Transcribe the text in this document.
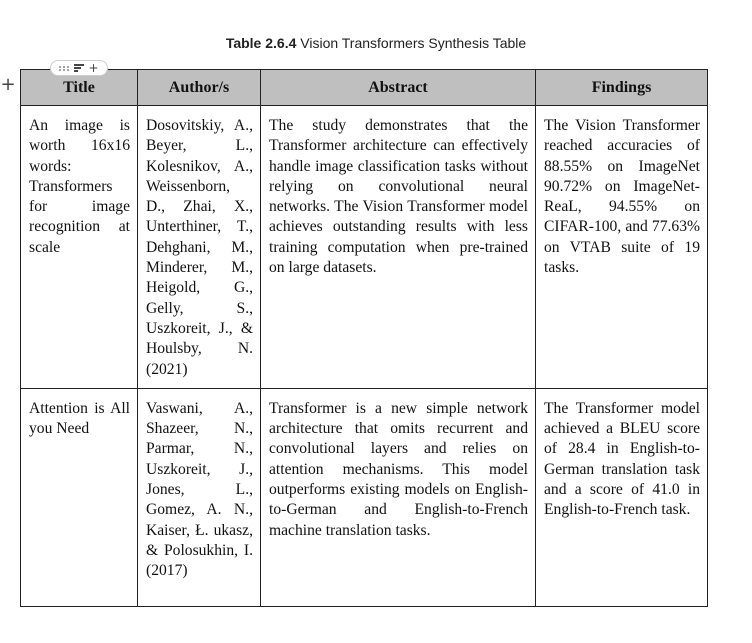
Table 2.6.4 Vision Transformers Synthesis Table
+
+
Title	Author/s	Abstract	Findings
An image is worth 16x16 words: Transformers for image recognition at scale	Dosovitskiy, A., Beyer, L., Kolesnikov, A., Weissenborn, D., Zhai, X., Unterthiner, T., Dehghani, M., Minderer, M., Heigold, G., Gelly, S., Uszkoreit, J., & Houlsby, N. (2021)	The study demonstrates that the Transformer architecture can effectively handle image classification tasks without relying on convolutional neural networks. The Vision Transformer model achieves outstanding results with less training computation when pre-trained on large datasets.	The Vision Transformer reached accuracies of 88.55% on ImageNet 90.72% on ImageNet-ReaL, 94.55% on CIFAR-100, and 77.63% on VTAB suite of 19 tasks.
Attention is All you Need	Vaswani, A., Shazeer, N., Parmar, N., Uszkoreit, J., Jones, L., Gomez, A. N., Kaiser, Ł. ukasz, & Polosukhin, I. (2017)	Transformer is a new simple network architecture that omits recurrent and convolutional layers and relies on attention mechanisms. This model outperforms existing models on English-to-German and English-to-French machine translation tasks.	The Transformer model achieved a BLEU score of 28.4 in English-to-German translation task and a score of 41.0 in English-to-French task.
